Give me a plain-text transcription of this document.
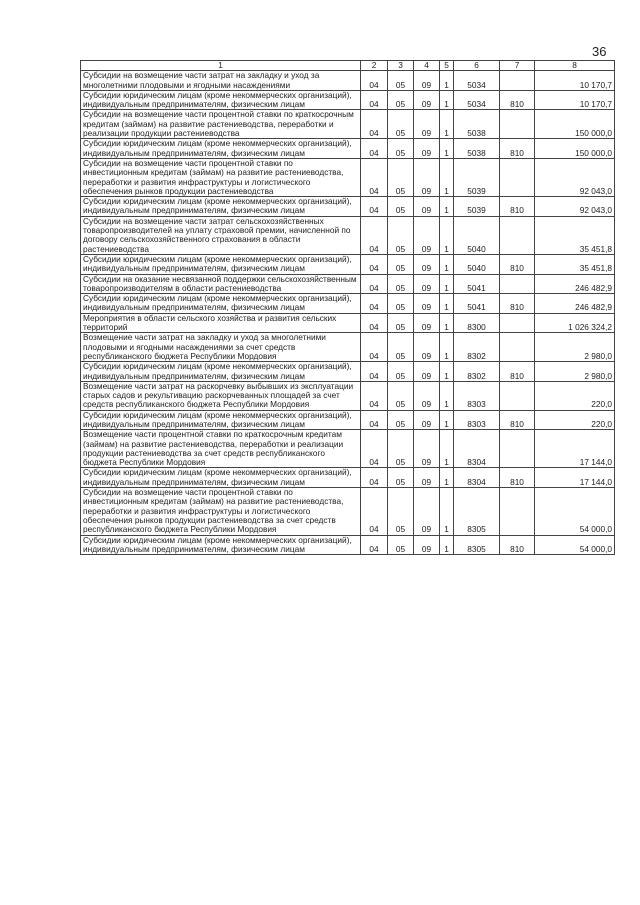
36
1	2	3	4	5	6	7	8
Субсидии на возмещение части затрат на закладку и уход за многолетними плодовыми и ягодными насаждениями	04	05	09	1	5034		10 170,7
Субсидии юридическим лицам (кроме некоммерческих организаций), индивидуальным предпринимателям, физическим лицам	04	05	09	1	5034	810	10 170,7
Субсидии на возмещение части процентной ставки по краткосрочным кредитам (займам) на развитие растениеводства, переработки и реализации продукции растениеводства	04	05	09	1	5038		150 000,0
Субсидии юридическим лицам (кроме некоммерческих организаций), индивидуальным предпринимателям, физическим лицам	04	05	09	1	5038	810	150 000,0
Субсидии на возмещение части процентной ставки по инвестиционным кредитам (займам) на развитие растениеводства, переработки и развития инфраструктуры и логистического обеспечения рынков продукции растениеводства	04	05	09	1	5039		92 043,0
Субсидии юридическим лицам (кроме некоммерческих организаций), индивидуальным предпринимателям, физическим лицам	04	05	09	1	5039	810	92 043,0
Субсидии на возмещение части затрат сельскохозяйственных товаропроизводителей на уплату страховой премии, начисленной по договору сельскохозяйственного страхования в области растениеводства	04	05	09	1	5040		35 451,8
Субсидии юридическим лицам (кроме некоммерческих организаций), индивидуальным предпринимателям, физическим лицам	04	05	09	1	5040	810	35 451,8
Субсидии на оказание несвязанной поддержки сельскохозяйственным товаропроизводителям в области растениеводства	04	05	09	1	5041		246 482,9
Субсидии юридическим лицам (кроме некоммерческих организаций), индивидуальным предпринимателям, физическим лицам	04	05	09	1	5041	810	246 482,9
Мероприятия в области сельского хозяйства и развития сельских территорий	04	05	09	1	8300		1 026 324,2
Возмещение части затрат на закладку и уход за многолетними плодовыми и ягодными насаждениями за счет средств республиканского бюджета Республики Мордовия	04	05	09	1	8302		2 980,0
Субсидии юридическим лицам (кроме некоммерческих организаций), индивидуальным предпринимателям, физическим лицам	04	05	09	1	8302	810	2 980,0
Возмещение части затрат на раскорчевку выбывших из эксплуатации старых садов и рекультивацию раскорчеванных площадей за счет средств республиканского бюджета Республики Мордовия	04	05	09	1	8303		220,0
Субсидии юридическим лицам (кроме некоммерческих организаций), индивидуальным предпринимателям, физическим лицам	04	05	09	1	8303	810	220,0
Возмещение части процентной ставки по краткосрочным кредитам (займам) на развитие растениеводства, переработки и реализации продукции растениеводства за счет средств республиканского бюджета Республики Мордовия	04	05	09	1	8304		17 144,0
Субсидии юридическим лицам (кроме некоммерческих организаций), индивидуальным предпринимателям, физическим лицам	04	05	09	1	8304	810	17 144,0
Субсидии на возмещение части процентной ставки по инвестиционным кредитам (займам) на развитие растениеводства, переработки и развития инфраструктуры и логистического обеспечения рынков продукции растениеводства за счет средств республиканского бюджета Республики Мордовия	04	05	09	1	8305		54 000,0
Субсидии юридическим лицам (кроме некоммерческих организаций), индивидуальным предпринимателям, физическим лицам	04	05	09	1	8305	810	54 000,0
